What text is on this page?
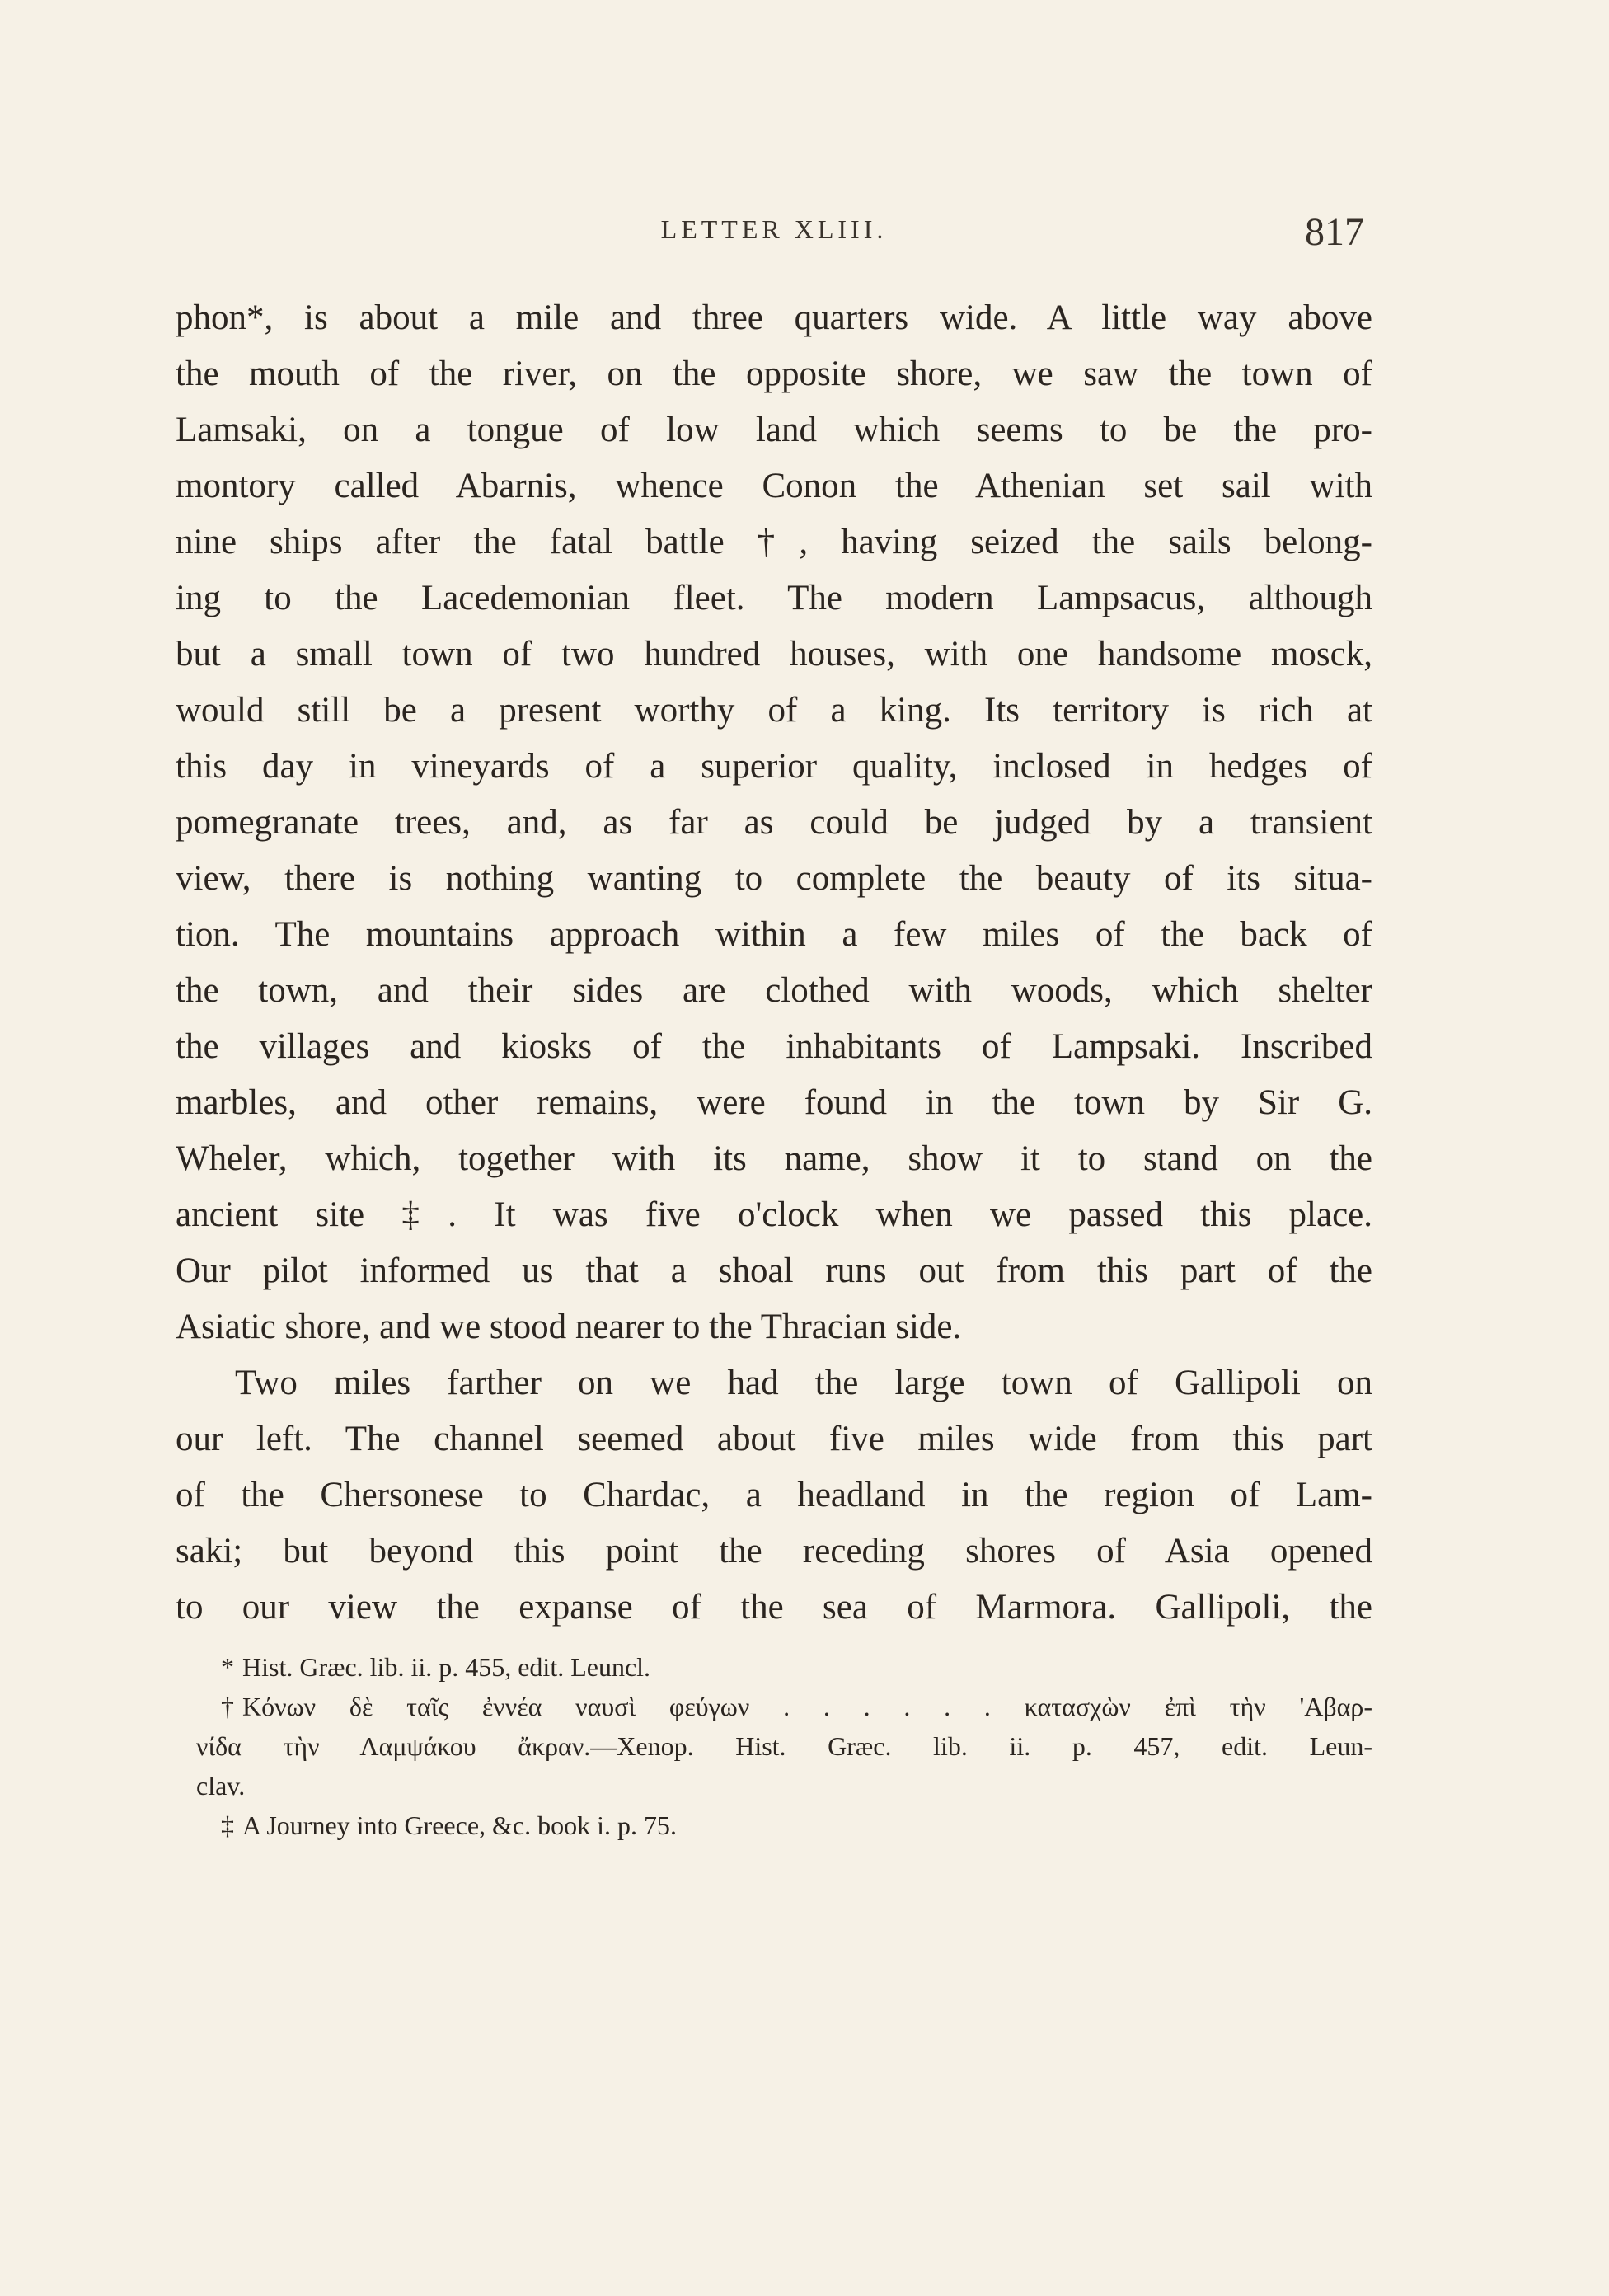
LETTER XLIII.	817
phon*, is about a mile and three quarters wide. A little way above
the mouth of the river, on the opposite shore, we saw the town of
Lamsaki, on a tongue of low land which seems to be the pro-
montory called Abarnis, whence Conon the Athenian set sail with
nine ships after the fatal battle †, having seized the sails belong-
ing to the Lacedemonian fleet. The modern Lampsacus, although
but a small town of two hundred houses, with one handsome mosck,
would still be a present worthy of a king. Its territory is rich at
this day in vineyards of a superior quality, inclosed in hedges of
pomegranate trees, and, as far as could be judged by a transient
view, there is nothing wanting to complete the beauty of its situa-
tion. The mountains approach within a few miles of the back of
the town, and their sides are clothed with woods, which shelter
the villages and kiosks of the inhabitants of Lampsaki. Inscribed
marbles, and other remains, were found in the town by Sir G.
Wheler, which, together with its name, show it to stand on the
ancient site ‡. It was five o'clock when we passed this place.
Our pilot informed us that a shoal runs out from this part of the
Asiatic shore, and we stood nearer to the Thracian side.
Two miles farther on we had the large town of Gallipoli on
our left. The channel seemed about five miles wide from this part
of the Chersonese to Chardac, a headland in the region of Lam-
saki; but beyond this point the receding shores of Asia opened
to our view the expanse of the sea of Marmora. Gallipoli, the
* Hist. Græc. lib. ii. p. 455, edit. Leuncl.
† Κόνων δὲ ταῖς ἐννέα ναυσὶ φεύγων . . . . . . κατασχὼν ἐπὶ τὴν 'Αβαρ-
νίδα τὴν Λαμψάκου ἄκραν.—Xenop. Hist. Græc. lib. ii. p. 457, edit. Leun-
clav.
‡ A Journey into Greece, &c. book i. p. 75.
